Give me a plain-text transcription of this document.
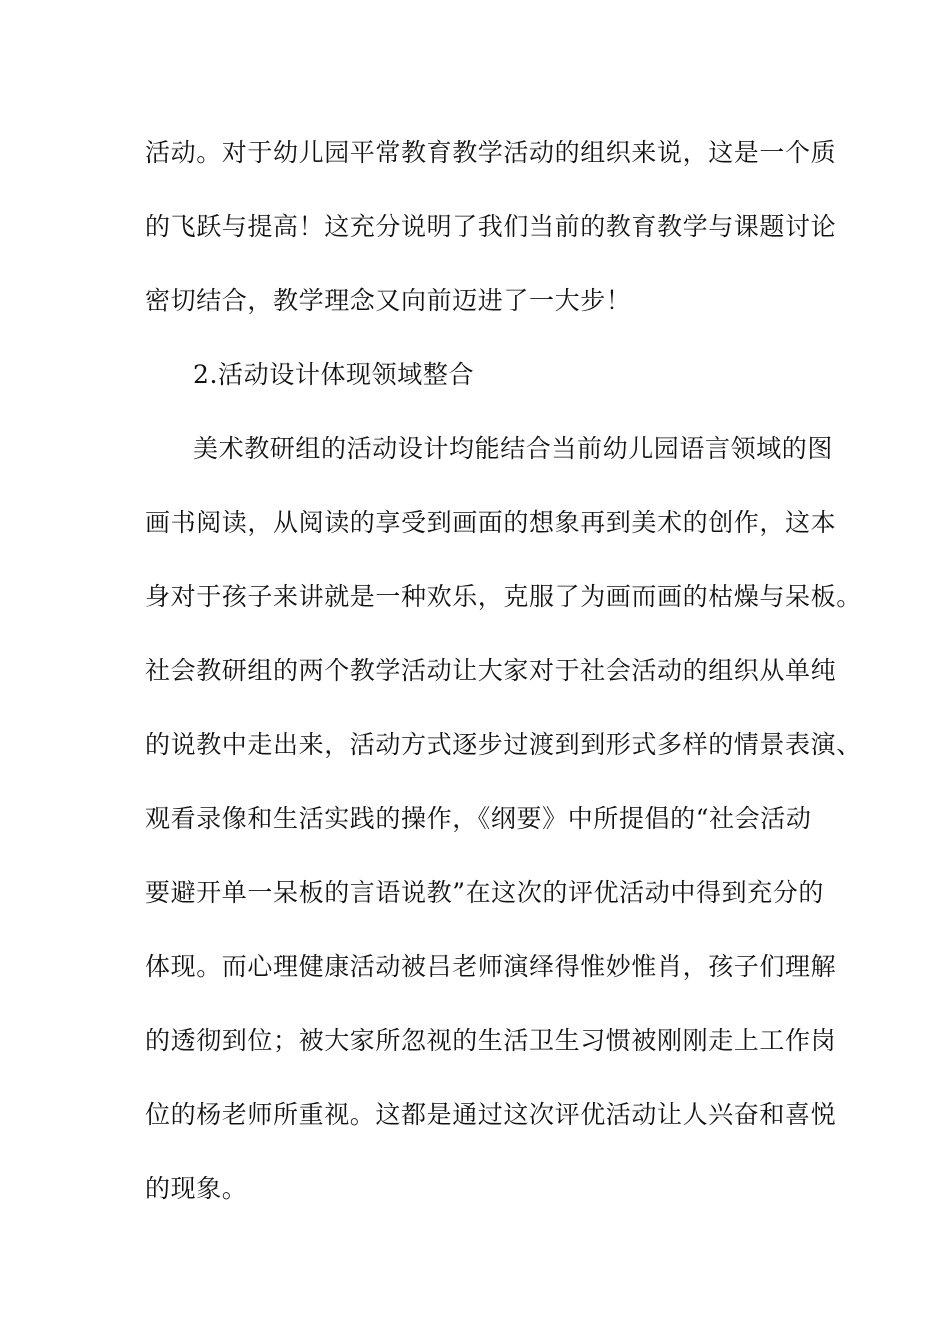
活动。对于幼儿园平常教育教学活动的组织来说，这是一个质
的飞跃与提高！这充分说明了我们当前的教育教学与课题讨论
密切结合，教学理念又向前迈进了一大步！
2.活动设计体现领域整合
美术教研组的活动设计均能结合当前幼儿园语言领域的图
画书阅读，从阅读的享受到画面的想象再到美术的创作，这本
身对于孩子来讲就是一种欢乐，克服了为画而画的枯燥与呆板。
社会教研组的两个教学活动让大家对于社会活动的组织从单纯
的说教中走出来，活动方式逐步过渡到到形式多样的情景表演、
观看录像和生活实践的操作，《纲要》中所提倡的“社会活动
要避开单一呆板的言语说教”在这次的评优活动中得到充分的
体现。而心理健康活动被吕老师演绎得惟妙惟肖，孩子们理解
的透彻到位；被大家所忽视的生活卫生习惯被刚刚走上工作岗
位的杨老师所重视。这都是通过这次评优活动让人兴奋和喜悦
的现象。
